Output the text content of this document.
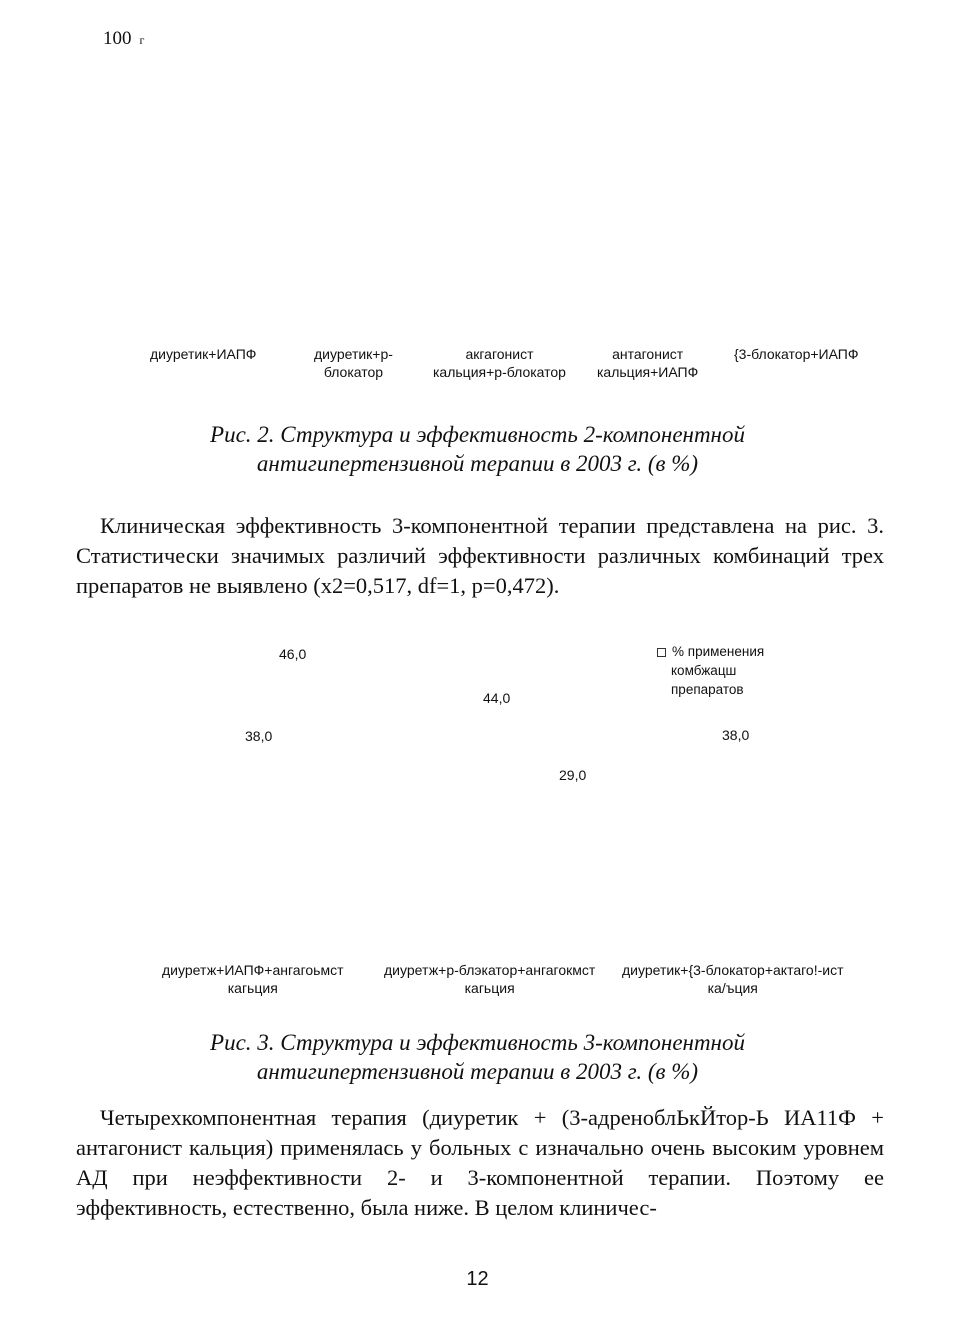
100 г
диуретик+ИАПФ	диуретик+р-
блокатор
акгагонист
кальция+р-блокатор
антагонист
кальция+ИАПФ
{3-блокатор+ИАПФ
Рис. 2. Структура и эффективность 2-компонентной
антигипертензивной терапии в 2003 г. (в %)
Клиническая эффективность 3-компонентной терапии представлена на рис. 3. Статистически значимых различий эффективности различных комбинаций трех препаратов не выявлено (x2=0,517, df=1, p=0,472).
46,0
38,0
44,0
29,0
38,0
% применения
комбжацш
препаратов
диуретж+ИАПФ+ангагоьмст
кагьция
диуретж+р-блэкатор+ангагокмст
кагьция
диуретик+{3-блокатор+актаго!-ист
ка/ъция
Рис. 3. Структура и эффективность 3-компонентной
антигипертензивной терапии в 2003 г. (в %)
Четырехкомпонентная терапия (диуретик + (3-адреноблЬкЙтор-Ь ИА11Ф + антагонист кальция) применялась у больных с изначально очень высоким уровнем АД при неэффективности 2- и 3-компонентной терапии. Поэтому ее эффективность, естественно, была ниже. В целом клиничес-
12
